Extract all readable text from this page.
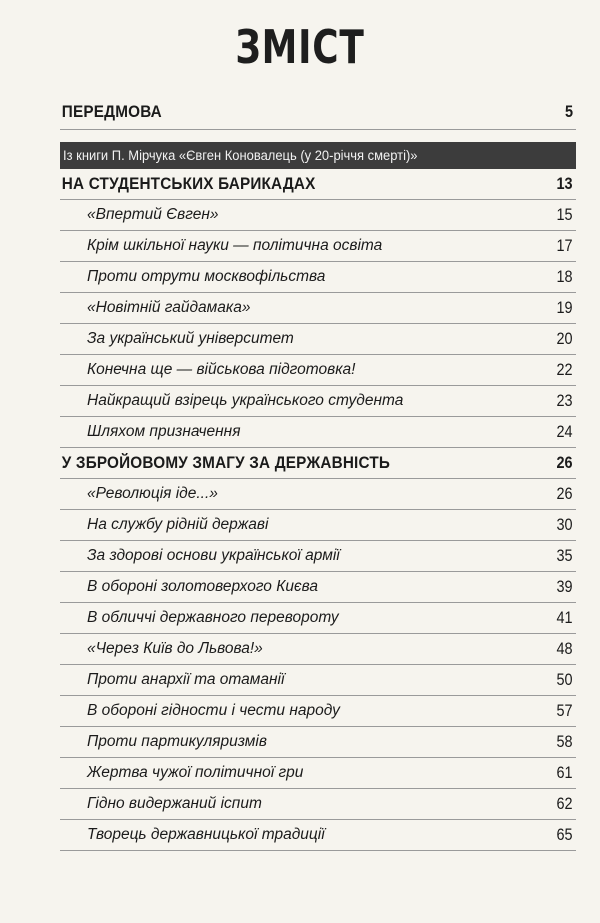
ЗМІСТ
ПЕРЕДМОВА	5
Із книги П. Мірчука «Євген Коновалець (у 20-річчя смерті)»
НА СТУДЕНТСЬКИХ БАРИКАДАХ	13
«Впертий Євген»	15
Крім шкільної науки — політична освіта	17
Проти отрути москвофільства	18
«Новітній гайдамака»	19
За український університет	20
Конечна ще — військова підготовка!	22
Найкращий взірець українського студента	23
Шляхом призначення	24
У ЗБРОЙОВОМУ ЗМАГУ ЗА ДЕРЖАВНІСТЬ	26
«Революція іде...»	26
На службу рідній державі	30
За здорові основи української армії	35
В обороні золотоверхого Києва	39
В обличчі державного перевороту	41
«Через Київ до Львова!»	48
Проти анархії та отаманії	50
В обороні гідности і чести народу	57
Проти партикуляризмів	58
Жертва чужої політичної гри	61
Гідно видержаний іспит	62
Творець державницької традиції	65
